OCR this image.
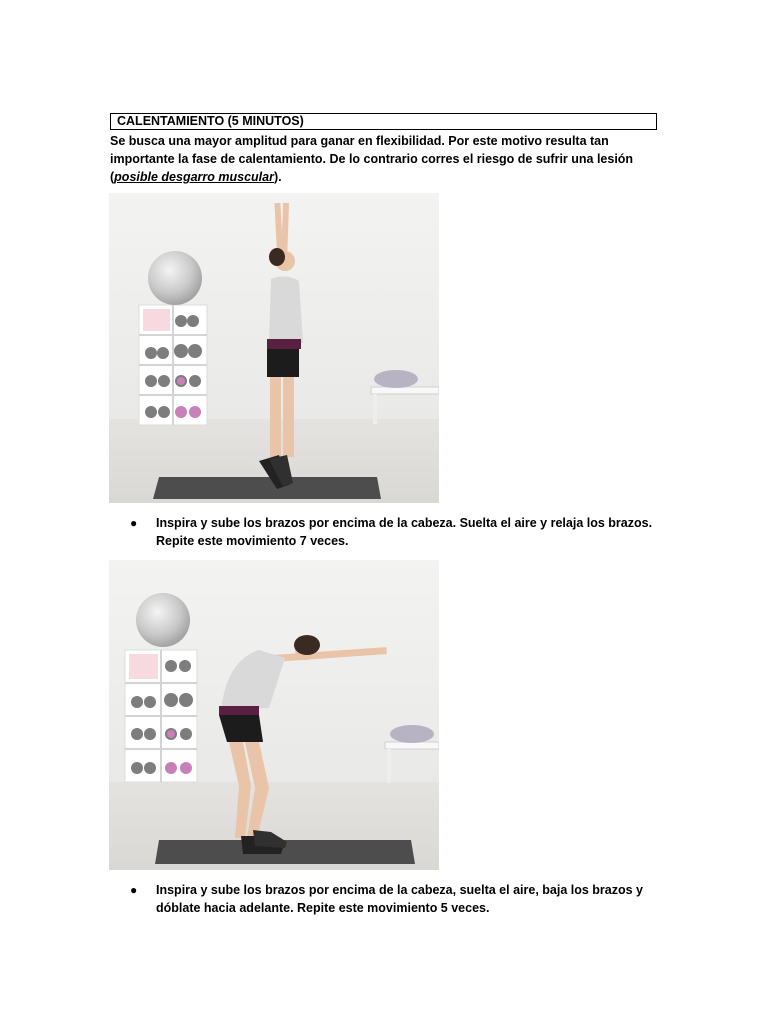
CALENTAMIENTO (5 MINUTOS)
Se busca una mayor amplitud para ganar en flexibilidad. Por este motivo resulta tan importante la fase de calentamiento. De lo contrario corres el riesgo de sufrir una lesión (posible desgarro muscular).
● Inspira y sube los brazos por encima de la cabeza. Suelta el aire y relaja los brazos. Repite este movimiento 7 veces.
● Inspira y sube los brazos por encima de la cabeza, suelta el aire, baja los brazos y dóblate hacia adelante. Repite este movimiento 5 veces.
